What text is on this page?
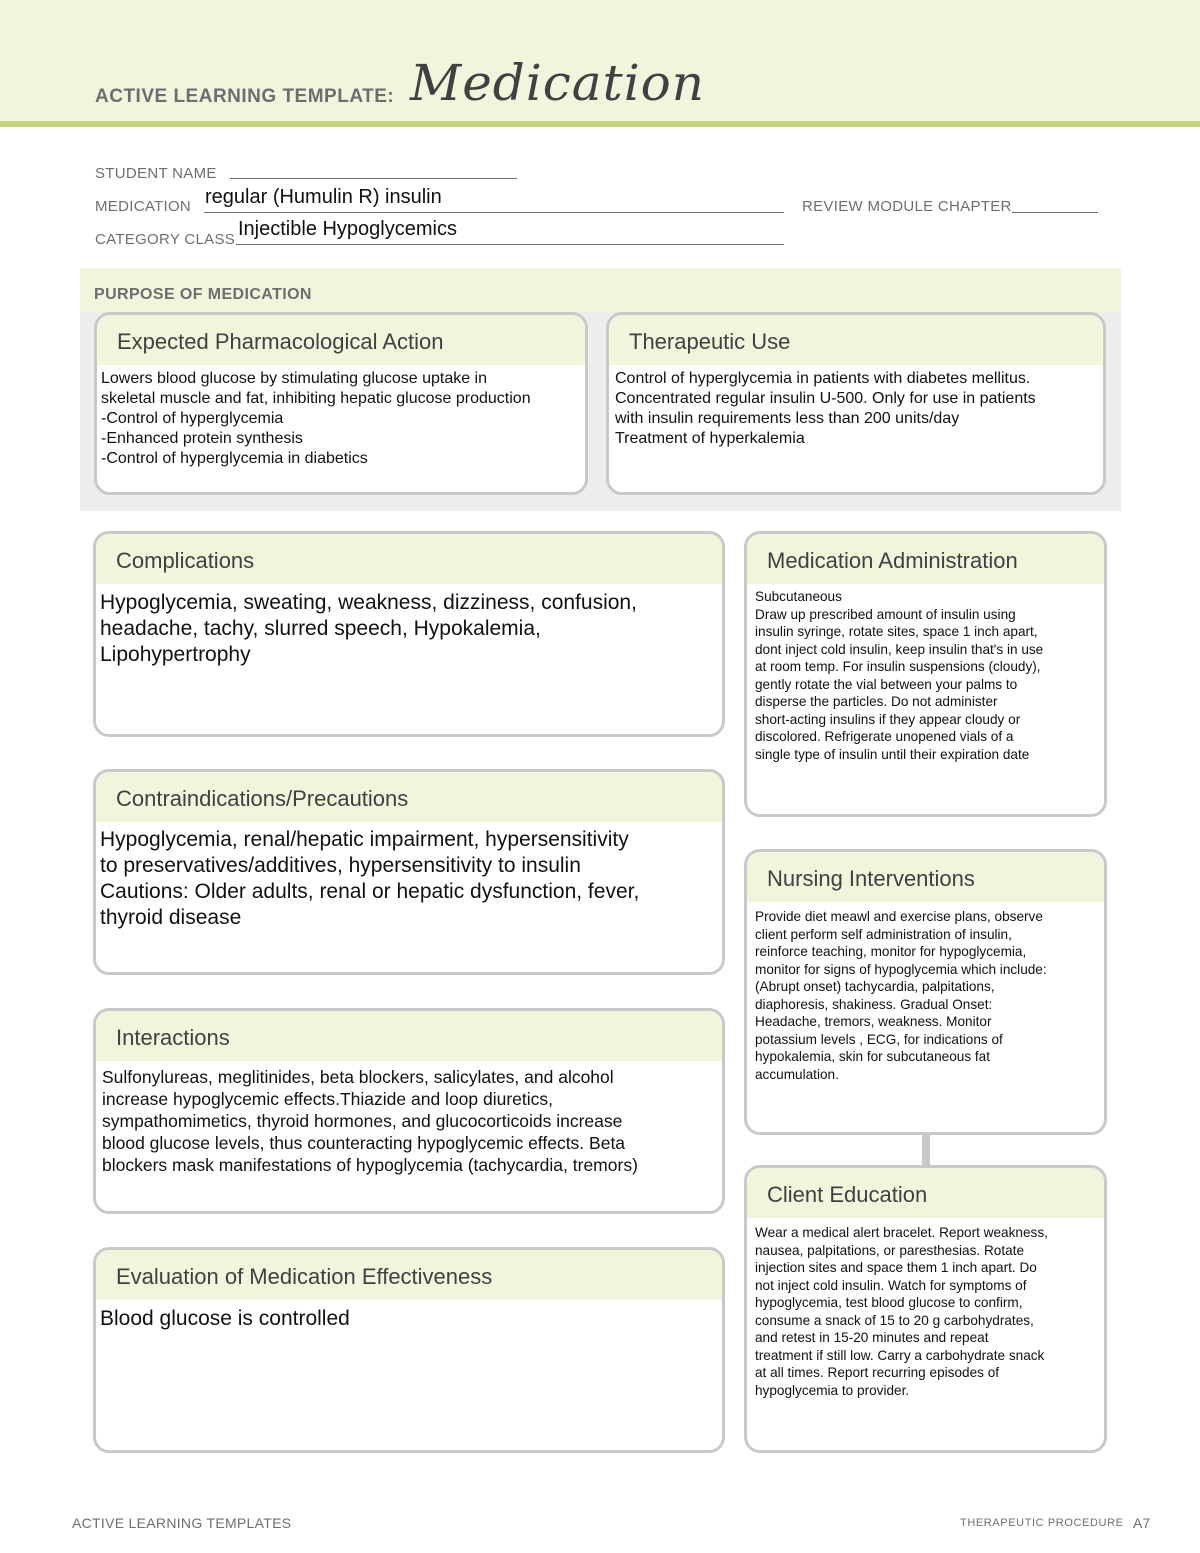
ACTIVE LEARNING TEMPLATE: Medication
STUDENT NAME
MEDICATION regular (Humulin R) insulin	REVIEW MODULE CHAPTER
CATEGORY CLASS Injectible Hypoglycemics
PURPOSE OF MEDICATION
Expected Pharmacological Action
Lowers blood glucose by stimulating glucose uptake in
skeletal muscle and fat, inhibiting hepatic glucose production
-Control of hyperglycemia
-Enhanced protein synthesis
-Control of hyperglycemia in diabetics
Therapeutic Use
Control of hyperglycemia in patients with diabetes mellitus.
Concentrated regular insulin U-500. Only for use in patients
with insulin requirements less than 200 units/day
Treatment of hyperkalemia
Complications
Hypoglycemia, sweating, weakness, dizziness, confusion,
headache, tachy, slurred speech, Hypokalemia,
Lipohypertrophy
Medication Administration
Subcutaneous
Draw up prescribed amount of insulin using
insulin syringe, rotate sites, space 1 inch apart,
dont inject cold insulin, keep insulin that's in use
at room temp. For insulin suspensions (cloudy),
gently rotate the vial between your palms to
disperse the particles. Do not administer
short-acting insulins if they appear cloudy or
discolored. Refrigerate unopened vials of a
single type of insulin until their expiration date
Contraindications/Precautions
Hypoglycemia, renal/hepatic impairment, hypersensitivity
to preservatives/additives, hypersensitivity to insulin
Cautions: Older adults, renal or hepatic dysfunction, fever,
thyroid disease
Nursing Interventions
Provide diet meawl and exercise plans, observe
client perform self administration of insulin,
reinforce teaching, monitor for hypoglycemia,
monitor for signs of hypoglycemia which include:
(Abrupt onset) tachycardia, palpitations,
diaphoresis, shakiness. Gradual Onset:
Headache, tremors, weakness. Monitor
potassium levels , ECG, for indications of
hypokalemia, skin for subcutaneous fat
accumulation.
Interactions
Sulfonylureas, meglitinides, beta blockers, salicylates, and alcohol
increase hypoglycemic effects.Thiazide and loop diuretics,
sympathomimetics, thyroid hormones, and glucocorticoids increase
blood glucose levels, thus counteracting hypoglycemic effects. Beta
blockers mask manifestations of hypoglycemia (tachycardia, tremors)
Client Education
Wear a medical alert bracelet. Report weakness,
nausea, palpitations, or paresthesias. Rotate
injection sites and space them 1 inch apart. Do
not inject cold insulin. Watch for symptoms of
hypoglycemia, test blood glucose to confirm,
consume a snack of 15 to 20 g carbohydrates,
and retest in 15-20 minutes and repeat
treatment if still low. Carry a carbohydrate snack
at all times. Report recurring episodes of
hypoglycemia to provider.
Evaluation of Medication Effectiveness
Blood glucose is controlled
ACTIVE LEARNING TEMPLATES	THERAPEUTIC PROCEDURE A7
